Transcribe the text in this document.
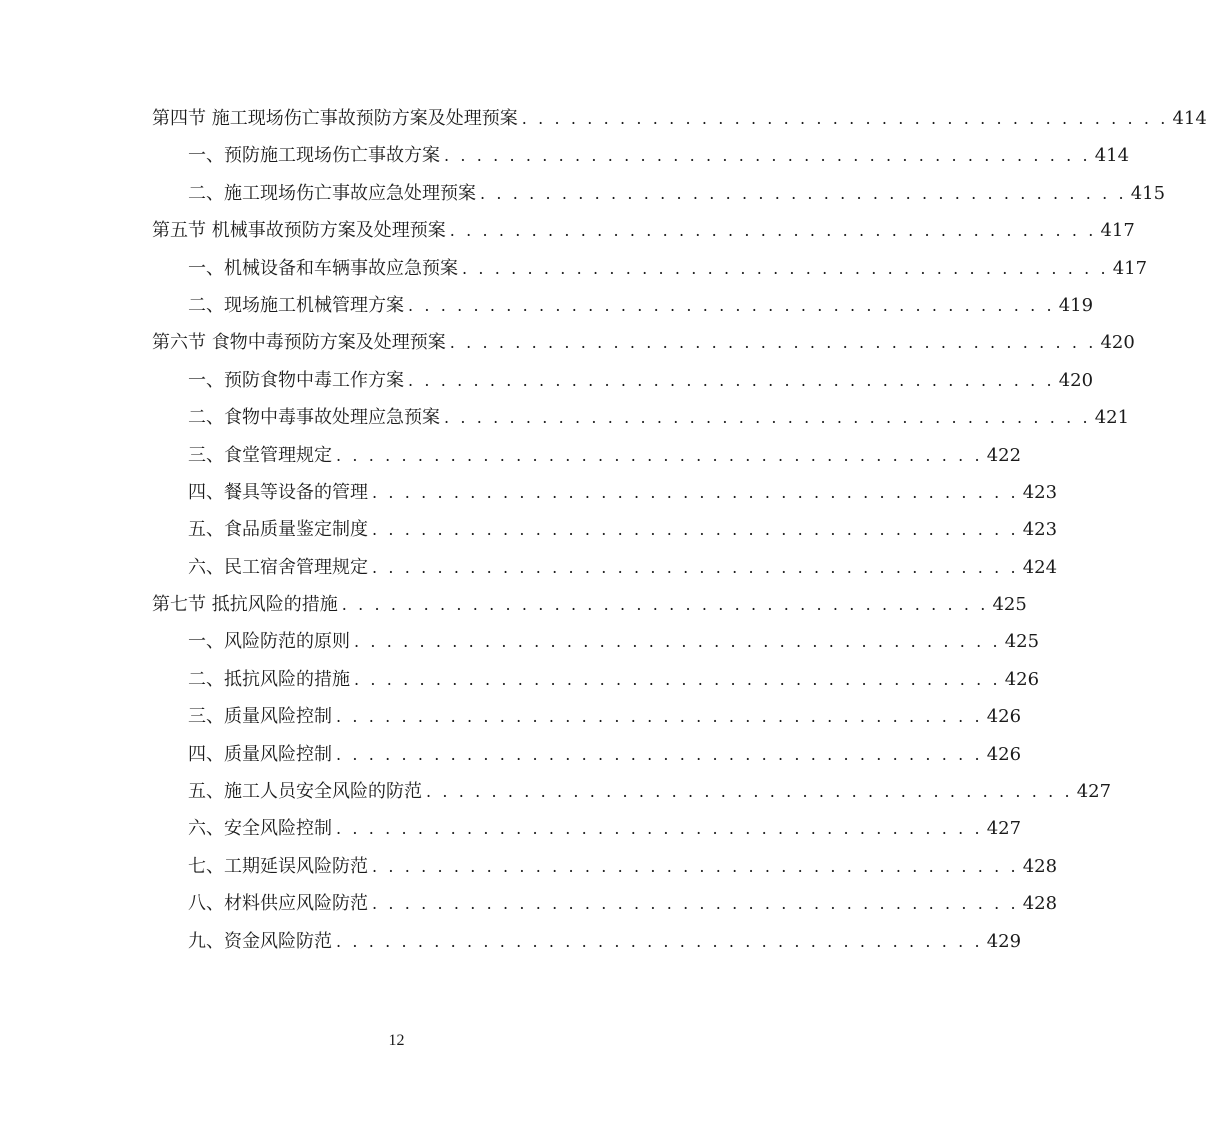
第四节 施工现场伤亡事故预防方案及处理预案 . . . . . . . . . . . . . . . . . . . . . . . . . . . . . . . . . . . . . . . . 414
一、预防施工现场伤亡事故方案 . . . . . . . . . . . . . . . . . . . . . . . . . . . . . . . . . . . . . . . . 414
二、施工现场伤亡事故应急处理预案 . . . . . . . . . . . . . . . . . . . . . . . . . . . . . . . . . . . . . . . . 415
第五节 机械事故预防方案及处理预案 . . . . . . . . . . . . . . . . . . . . . . . . . . . . . . . . . . . . . . . . 417
一、机械设备和车辆事故应急预案 . . . . . . . . . . . . . . . . . . . . . . . . . . . . . . . . . . . . . . . . 417
二、现场施工机械管理方案 . . . . . . . . . . . . . . . . . . . . . . . . . . . . . . . . . . . . . . . . 419
第六节 食物中毒预防方案及处理预案 . . . . . . . . . . . . . . . . . . . . . . . . . . . . . . . . . . . . . . . . 420
一、预防食物中毒工作方案 . . . . . . . . . . . . . . . . . . . . . . . . . . . . . . . . . . . . . . . . 420
二、食物中毒事故处理应急预案 . . . . . . . . . . . . . . . . . . . . . . . . . . . . . . . . . . . . . . . . 421
三、食堂管理规定 . . . . . . . . . . . . . . . . . . . . . . . . . . . . . . . . . . . . . . . . 422
四、餐具等设备的管理 . . . . . . . . . . . . . . . . . . . . . . . . . . . . . . . . . . . . . . . . 423
五、食品质量鉴定制度 . . . . . . . . . . . . . . . . . . . . . . . . . . . . . . . . . . . . . . . . 423
六、民工宿舍管理规定 . . . . . . . . . . . . . . . . . . . . . . . . . . . . . . . . . . . . . . . . 424
第七节 抵抗风险的措施 . . . . . . . . . . . . . . . . . . . . . . . . . . . . . . . . . . . . . . . . 425
一、风险防范的原则 . . . . . . . . . . . . . . . . . . . . . . . . . . . . . . . . . . . . . . . . 425
二、抵抗风险的措施 . . . . . . . . . . . . . . . . . . . . . . . . . . . . . . . . . . . . . . . . 426
三、质量风险控制 . . . . . . . . . . . . . . . . . . . . . . . . . . . . . . . . . . . . . . . . 426
四、质量风险控制 . . . . . . . . . . . . . . . . . . . . . . . . . . . . . . . . . . . . . . . . 426
五、施工人员安全风险的防范 . . . . . . . . . . . . . . . . . . . . . . . . . . . . . . . . . . . . . . . . 427
六、安全风险控制 . . . . . . . . . . . . . . . . . . . . . . . . . . . . . . . . . . . . . . . . 427
七、工期延误风险防范 . . . . . . . . . . . . . . . . . . . . . . . . . . . . . . . . . . . . . . . . 428
八、材料供应风险防范 . . . . . . . . . . . . . . . . . . . . . . . . . . . . . . . . . . . . . . . . 428
九、资金风险防范 . . . . . . . . . . . . . . . . . . . . . . . . . . . . . . . . . . . . . . . . 429
12
